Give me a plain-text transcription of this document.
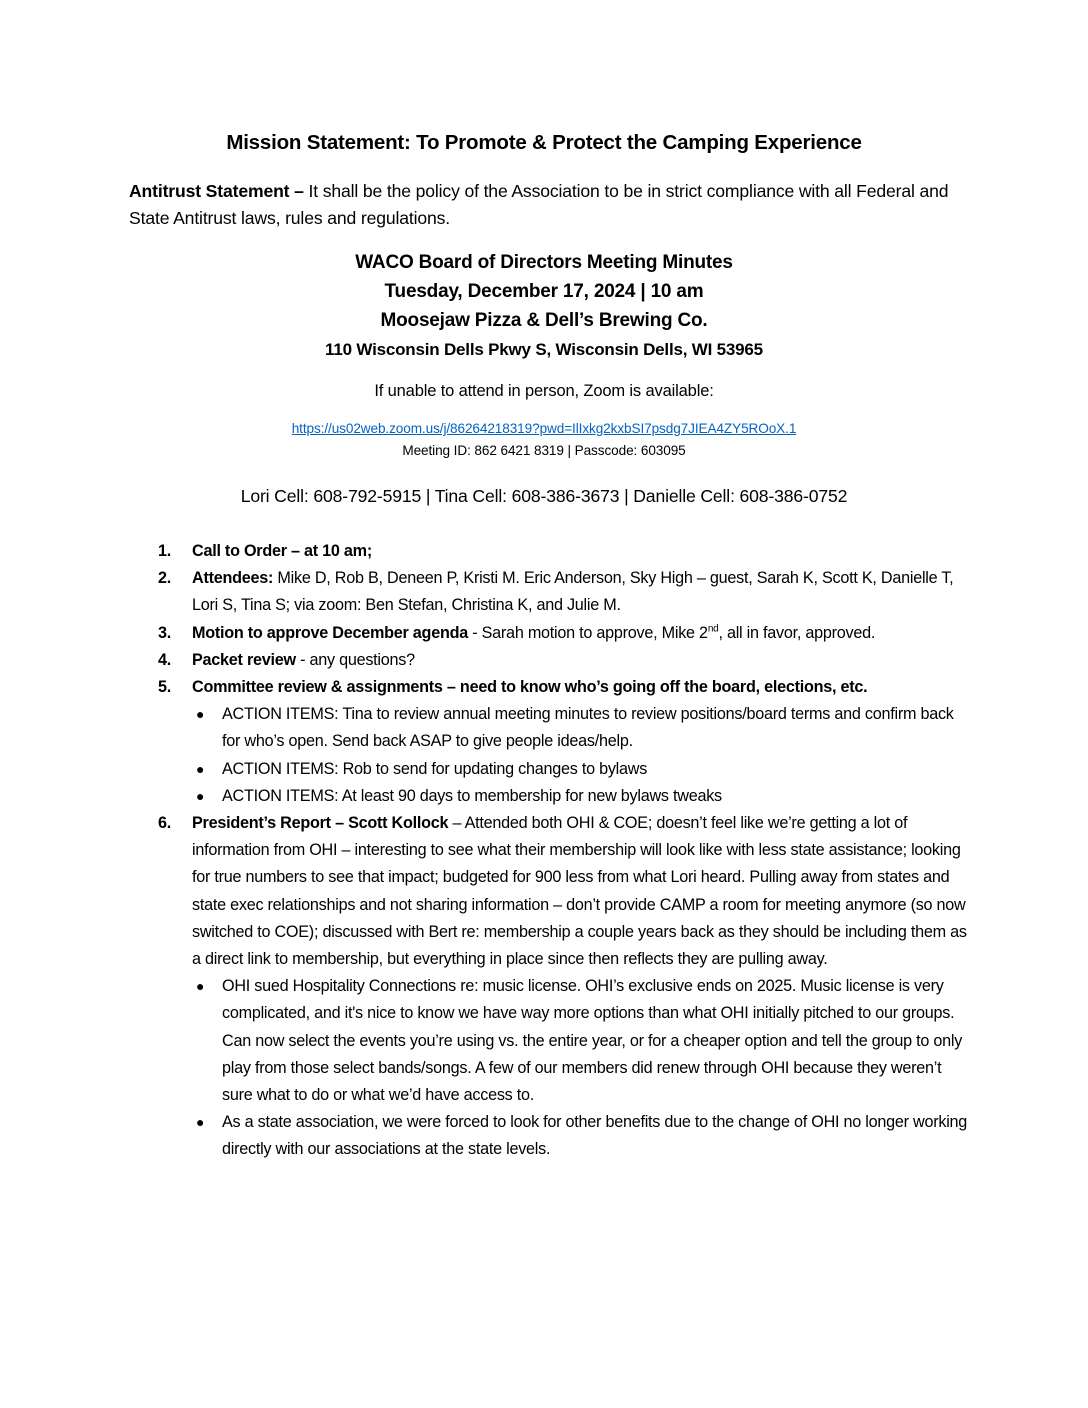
Mission Statement: To Promote & Protect the Camping Experience
Antitrust Statement – It shall be the policy of the Association to be in strict compliance with all Federal and State Antitrust laws, rules and regulations.
WACO Board of Directors Meeting Minutes
Tuesday, December 17, 2024 | 10 am
Moosejaw Pizza & Dell’s Brewing Co.
110 Wisconsin Dells Pkwy S, Wisconsin Dells, WI 53965
If unable to attend in person, Zoom is available:
https://us02web.zoom.us/j/86264218319?pwd=IlIxkg2kxbSI7psdg7JIEA4ZY5ROoX.1
Meeting ID: 862 6421 8319 | Passcode: 603095
Lori Cell: 608-792-5915 | Tina Cell: 608-386-3673 | Danielle Cell: 608-386-0752
1. Call to Order – at 10 am;
2. Attendees: Mike D, Rob B, Deneen P, Kristi M. Eric Anderson, Sky High – guest, Sarah K, Scott K, Danielle T, Lori S, Tina S; via zoom: Ben Stefan, Christina K, and Julie M.
3. Motion to approve December agenda - Sarah motion to approve, Mike 2nd, all in favor, approved.
4. Packet review - any questions?
5. Committee review & assignments – need to know who’s going off the board, elections, etc.
● ACTION ITEMS: Tina to review annual meeting minutes to review positions/board terms and confirm back for who’s open. Send back ASAP to give people ideas/help.
● ACTION ITEMS: Rob to send for updating changes to bylaws
● ACTION ITEMS: At least 90 days to membership for new bylaws tweaks
6. President’s Report – Scott Kollock – Attended both OHI & COE; doesn’t feel like we’re getting a lot of information from OHI – interesting to see what their membership will look like with less state assistance; looking for true numbers to see that impact; budgeted for 900 less from what Lori heard. Pulling away from states and state exec relationships and not sharing information – don’t provide CAMP a room for meeting anymore (so now switched to COE); discussed with Bert re: membership a couple years back as they should be including them as a direct link to membership, but everything in place since then reflects they are pulling away.
● OHI sued Hospitality Connections re: music license. OHI’s exclusive ends on 2025. Music license is very complicated, and it's nice to know we have way more options than what OHI initially pitched to our groups. Can now select the events you’re using vs. the entire year, or for a cheaper option and tell the group to only play from those select bands/songs. A few of our members did renew through OHI because they weren’t sure what to do or what we’d have access to.
● As a state association, we were forced to look for other benefits due to the change of OHI no longer working directly with our associations at the state levels.
